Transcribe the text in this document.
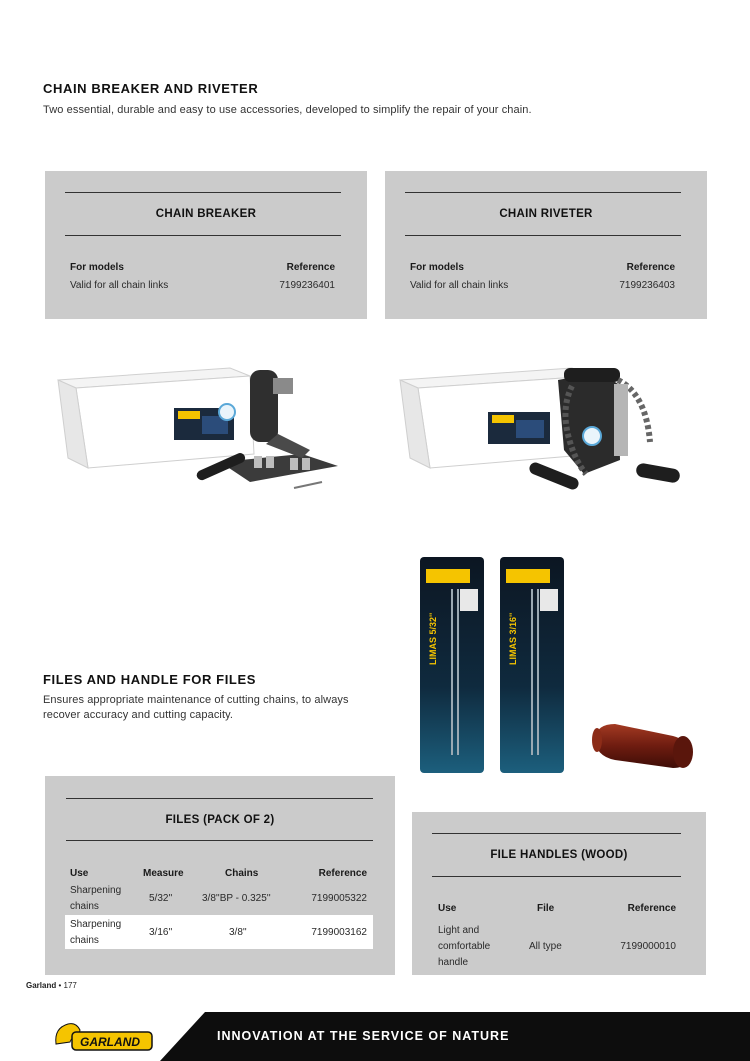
CHAIN BREAKER AND RIVETER
Two essential, durable and easy to use accessories, developed to simplify the repair of your chain.
CHAIN BREAKER
For models	Reference
Valid for all chain links	7199236401
CHAIN RIVETER
For models	Reference
Valid for all chain links	7199236403
LIMAS 5/32''	LIMAS 3/16''
FILES AND HANDLE FOR FILES
Ensures appropriate maintenance of cutting chains, to always
recover accuracy and cutting capacity.
FILES (PACK OF 2)
Use	Measure	Chains	Reference
Sharpening
chains
5/32''	3/8''BP - 0.325''	7199005322
Sharpening
chains
3/16''	3/8''	7199003162
FILE HANDLES (WOOD)
Use	File	Reference
Light and
comfortable
handle
All type	7199000010
Garland • 177
GARLAND	INNOVATION AT THE SERVICE OF NATURE
